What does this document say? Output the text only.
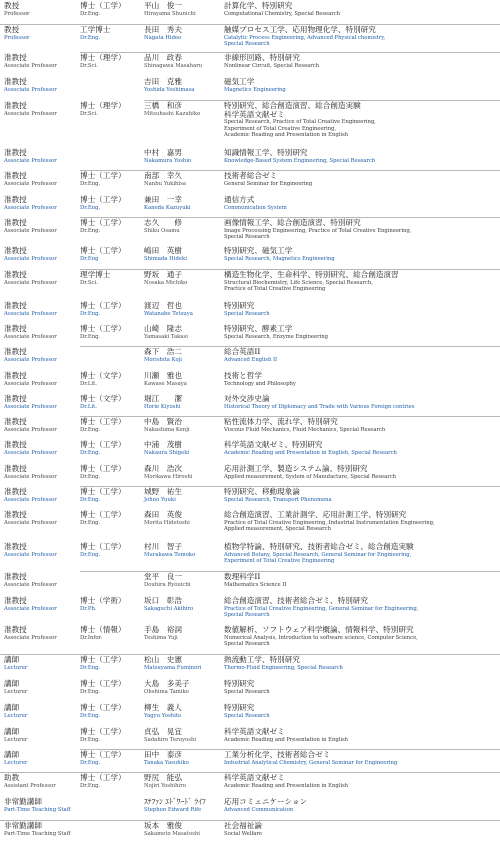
教授
Professor
博士（工学）
Dr.Eng.
平山　俊一
Hirayama Shunichi
計算化学、特別研究
Computational Chemistry, Special Research
教授
Professor
工学博士
Dr.Eng.
長田　秀夫
Nagata Hideo
触媒プロセス工学、応用物理化学、特別研究
Catalytic Process Engineering, Advanced Physical chemistry,
Special Research
准教授
Associate Professor
博士（理学）
Dr.Sci.
品川　政春
Shinagawa Masaharu
非線形回路、特別研究
Nonlinear Circuit, Special Research
准教授
Associate Professor
吉田　克雅
Yoshida Yoshimasa
磁気工学
Magnetics Engineering
准教授
Associate Professor
博士（理学）
Dr.Sci.
三橋　和彦
Mitsuhashi Kazuhiko
特別研究、総合創造演習、総合創造実験
科学英語文献ゼミ
Special Research, Practice of Total Creative Engineering,
Experiment of Total Creative Engineering,
Academic Reading and Presentation in English
准教授
Associate Professor
中村　嘉男
Nakamura Yoshio
知識情報工学、特別研究
Knowledge-Based System Engineering, Special Research
准教授
Associate Professor
博士（工学）
Dr.Eng.
南部　幸久
Nanbu Yukihisa
技術者総合ゼミ
General Seminar for Engineering
准教授
Associate Professor
博士（工学）
Dr.Eng.
兼田　一幸
Kaneda Kazuyuki
通信方式
Communication System
准教授
Associate Professor
博士（工学）
Dr.Eng.
志久　　修
Shiku Osamu
画像情報工学、総合創造演習、特別研究
Image Processing Engineering, Practice of Total Creative Engineering,
Special Research
准教授
Associate Professor
博士（工学）
Dr.Eng
嶋田　英樹
Shimada Hideki
特別研究、磁気工学
Special Research, Magnetics Engineering
准教授
Associate Professor
理学博士
Dr.Sci.
野坂　通子
Nosaka Michiko
構造生物化学、生命科学、特別研究、総合創造演習
Structural Biochemistry, Life Science, Special Research,
Practice of Total Creative Engineering
准教授
Associate Professor
博士（工学）
Dr.Eng.
渡辺　哲也
Watanabe Tetsuya
特別研究
Special Research
准教授
Associate Professor
博士（工学）
Dr.Eng.
山崎　隆志
Yamasaki Takasi
特別研究、酵素工学
Special Research, Enzyme Engineering
准教授
Associate Professor
森下　浩二
Morishita Koji
総合英語II
Advanced English II
准教授
Associate Professor
博士（文学）
Dr.Lit.
川瀬　雅也
Kawase Masaya
技術と哲学
Technology and Philosophy
准教授
Associate Professor
博士（文学）
Dr.Lit.
堀江　　潔
Horie Kiyoshi
対外交渉史論
Historical Theory of Diplomacy and Trade with Various Foreign contries
准教授
Associate Professor
博士（工学）
Dr.Eng.
中島　賢治
Nakashima Kenji
粘性流体力学、流れ学、特別研究
Viscous Fluid Mechanics, Fluid Mechanics, Special Research
准教授
Associate Professor
博士（工学）
Dr.Eng.
中浦　茂樹
Nakaura Shigeki
科学英語文献ゼミ、特別研究
Academic Reading and Presentation in English, Special Research
准教授
Associate Professor
博士（工学）
Dr.Eng.
森川　浩次
Morikawa Hiroshi
応用計測工学、製造システム論、特別研究
Applied measurement, System of Manufacture, Special Research
准教授
Associate Professor
博士（工学）
Dr.Eng.
城野　祐生
Johno Yuuki
特別研究、移動現象論
Special Research, Transport Phenomena
准教授
Associate Professor
博士（工学）
Dr.Eng.
森田　英俊
Morita Hidetoshi
総合創造演習、工業計測学、応用計測工学、特別研究
Practice of Total Creative Engineering, Industrial Instrumentation Engineering,
Applied measurement, Special Research
准教授
Associate Professor
博士（工学）
Dr.Eng.
村川　智子
Murakawa Tomoko
植物学特論、特別研究、技術者総合ゼミ、総合創造実験
Advanced Botany, Special Research, General Seminar for Engineering,
Experiment of Total Creative Engineering
准教授
Associate Professor
堂平　良一
Douhira Ryouichi
数理科学II
Mathematics Science II
准教授
Associate Professor
博士（学術）
Dr.Ph.
坂口　彰浩
Sakaguchi Akihiro
総合創造演習、技術者総合ゼミ、特別研究
Practice of Total Creative Engineering, General Seminar for Engineering,
Special Research
准教授
Associate Professor
博士（情報）
Dr.Infor.
手島　裕詞
Teshima Yuji
数値解析、ソフトウェア科学概論、情報科学、特別研究
Numerical Analysis, Introduction to software science, Computer Science,
Special Research
講師
Lecturer
博士（工学）
Dr.Eng.
松山　史憲
Matsuyama Fuminori
熱流動工学、特別研究
Thermo-Fluid Engineering, Special Research
講師
Lecturer
博士（工学）
Dr.Eng.
大島　多美子
Ohshima Tamiko
特別研究
Special Research
講師
Lecturer
博士（工学）
Dr.Eng.
柳生　義人
Yagyu Yoshito
特別研究
Special Research
講師
Lecturer
博士（工学）
Dr.Eng.
貞弘　晃宜
Sadahiro Teruyoshi
科学英語文献ゼミ
Academic Reading and Presentation in English
講師
Lecturer
博士（工学）
Dr.Eng.
田中　泰彦
Tanaka Yasuhiko
工業分析化学、技術者総合ゼミ
Industrial Analytical Chemistry, General Seminar for Engineering
助教
Assistant Professor
博士（工学）
Dr.Eng.
野尻　能弘
Nojiri Yoshihiro
科学英語文献ゼミ
Academic Reading and Presentation in English
非常勤講師
Part-Time Teaching Staff
ｽﾃﾌｧﾝ ｴﾄﾞﾜｰﾄﾞ ﾗｲﾌ
Stephen Edward Rife
応用コミュニケーション
Advanced Communication
非常勤講師
Part-Time Teaching Staff
坂本　雅俊
Sakamoto Masatoshi
社会福祉論
Social Welfare
